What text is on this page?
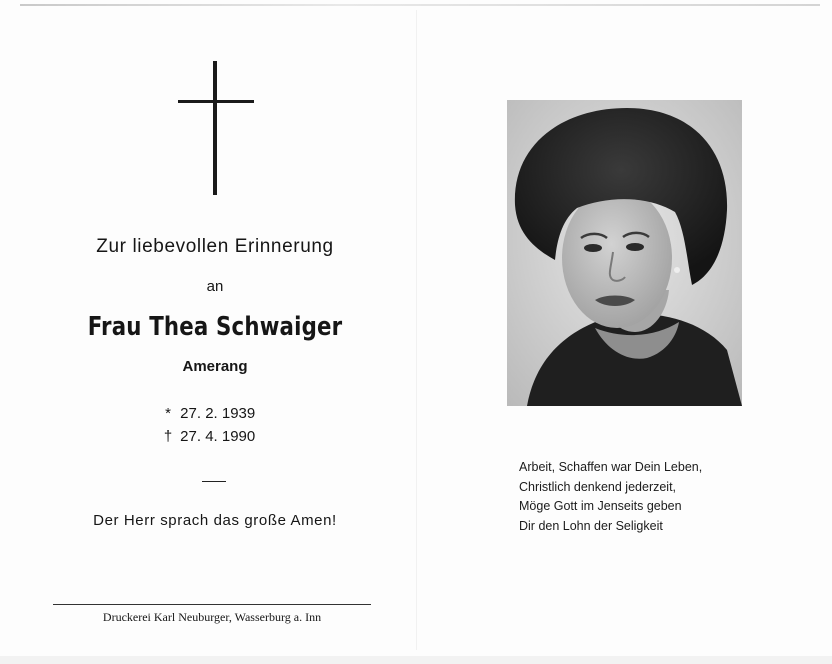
Zur liebevollen Erinnerung
an
Frau Thea Schwaiger
Amerang
* 27. 2. 1939
† 27. 4. 1990
Der Herr sprach das große Amen!
Druckerei Karl Neuburger, Wasserburg a. Inn
Arbeit, Schaffen war Dein Leben,
Christlich denkend jederzeit,
Möge Gott im Jenseits geben
Dir den Lohn der Seligkeit
